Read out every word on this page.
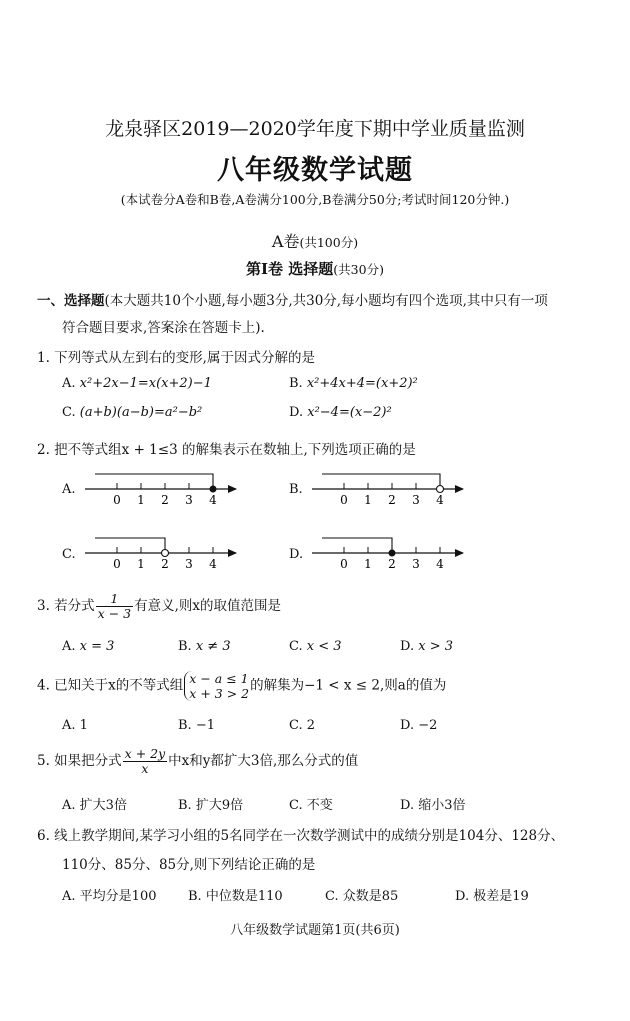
龙泉驿区2019—2020学年度下期中学业质量监测
八年级数学试题
(本试卷分A卷和B卷,A卷满分100分,B卷满分50分;考试时间120分钟.)
A卷(共100分)
第Ⅰ卷 选择题(共30分)
一、选择题(本大题共10个小题,每小题3分,共30分,每小题均有四个选项,其中只有一项
符合题目要求,答案涂在答题卡上).
1. 下列等式从左到右的变形,属于因式分解的是
A. x²+2x−1=x(x+2)−1	B. x²+4x+4=(x+2)²
C. (a+b)(a−b)=a²−b²	D. x²−4=(x−2)²
2. 把不等式组x + 1≤3 的解集表示在数轴上,下列选项正确的是
A.	B.
C.	D.
0 1 2 3 4	0 1 2 3 4
0 1 2 3 4	0 1 2 3 4
3. 若分式 $\frac{1}{x - 3}$ 有意义,则x的取值范围是
A. x = 3	B. x ≠ 3	C. x < 3	D. x > 3
4. 已知关于x的不等式组 x − a ≤ 1
x + 3 > 2 的解集为−1 < x ≤ 2,则a的值为
A. 1	B. −1	C. 2	D. −2
5. 如果把分式 $\frac{x + 2y}{x}$ 中x和y都扩大3倍,那么分式的值
A. 扩大3倍	B. 扩大9倍	C. 不变	D. 缩小3倍
6. 线上教学期间,某学习小组的5名同学在一次数学测试中的成绩分别是104分、128分、
110分、85分、85分,则下列结论正确的是
A. 平均分是100 B. 中位数是110	C. 众数是85	D. 极差是19
八年级数学试题第1页(共6页)
